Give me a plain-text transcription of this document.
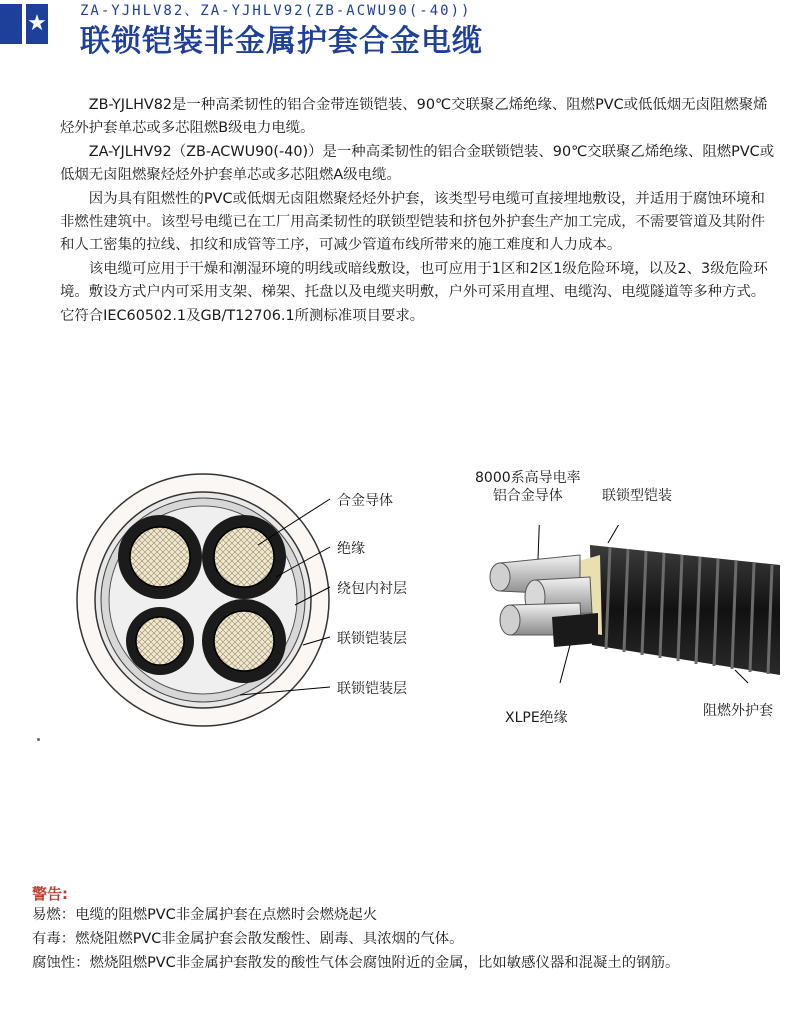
★ ZA-YJHLV82、ZA-YJHLV92(ZB-ACWU90(-40))
联锁铠装非金属护套合金电缆

ZB-YJLHV82是一种高柔韧性的铝合金带连锁铠装、90℃交联聚乙烯绝缘、阻燃PVC或低低烟无卤阻燃聚烯烃外护套单芯或多芯阻燃B级电力电缆。

ZA-YJLHV92（ZB-ACWU90(-40)）是一种高柔韧性的铝合金联锁铠装、90℃交联聚乙烯绝缘、阻燃PVC或低烟无卤阻燃聚烃烃外护套单芯或多芯阻燃A级电缆。

因为具有阻燃性的PVC或低烟无卤阻燃聚烃烃外护套，该类型号电缆可直接埋地敷设，并适用于腐蚀环境和非燃性建筑中。该型号电缆已在工厂用高柔韧性的联锁型铠装和挤包外护套生产加工完成，不需要管道及其附件和人工密集的拉线、扣纹和成管等工序，可减少管道布线所带来的施工难度和人力成本。

该电缆可应用于干燥和潮湿环境的明线或暗线敷设，也可应用于1区和2区1级危险环境，以及2、3级危险环境。敷设方式户内可采用支架、梯架、托盘以及电缆夹明敷，户外可采用直埋、电缆沟、电缆隧道等多种方式。它符合IEC60502.1及GB/T12706.1所测标准项目要求。

合金导体
绝缘
绕包内衬层
联锁铠装层
联锁铠装层
8000系高导电率
铝合金导体	联锁型铠装
XLPE绝缘	阻燃外护套
警告:
易燃：电缆的阻燃PVC非金属护套在点燃时会燃烧起火
有毒：燃烧阻燃PVC非金属护套会散发酸性、剧毒、具浓烟的气体。
腐蚀性：燃烧阻燃PVC非金属护套散发的酸性气体会腐蚀附近的金属，比如敏感仪器和混凝土的钢筋。
